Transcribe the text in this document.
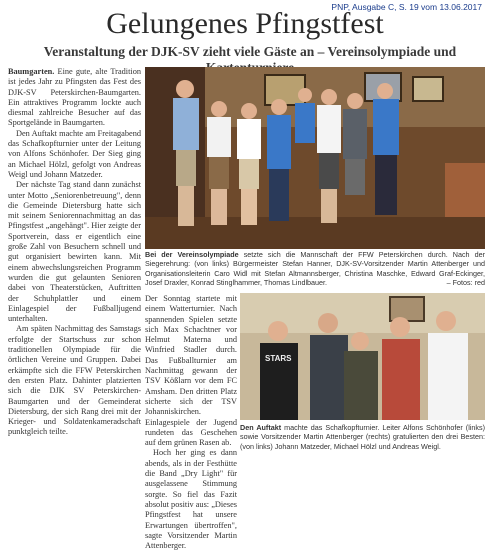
PNP, Ausgabe C, S. 19 vom 13.06.2017
Gelungenes Pfingstfest
Veranstaltung der DJK-SV zieht viele Gäste an – Vereinsolympiade und

Baumgarten. Eine gute, alte Tradition ist jedes Jahr zu Pfingsten das Fest des DJK-SV Peterskirchen-Baumgarten. Ein attraktives Programm lockte auch diesmal zahlreiche Besucher auf das Sportgelände in Baumgarten.

Den Auftakt machte am Freitagabend das Schafkopfturnier unter der Leitung von Alfons Schönhofer. Der Sieg ging an Michael Hölzl, gefolgt von Andreas Weigl und Johann Matzeder.

Der nächste Tag stand dann zunächst unter Motto „Seniorenbetreuung", denn die Gemeinde Dietersburg hatte sich mit seinem Seniorennachmittag an das Pfingstfest „angehängt". Hier zeigte der Sportverein, dass er eigentlich eine große Zahl von Besuchern schnell und gut organisiert bewirten kann. Mit einem abwechslungsreichen Programm wurden die gut gelaunten Senioren dabei von Theaterstücken, Auftritten der Schuhplattler und einem Einlagespiel der Fußballjugend unterhalten.

Am späten Nachmittag des Samstags erfolgte der Startschuss zur schon traditionellen Olympiade für die örtlichen Vereine und Gruppen. Dabei erkämpfte sich die FFW Peterskirchen den ersten Platz. Dahinter platzierten sich die DJK SV Peterskirchen-Baumgarten und der Gemeinderat Dietersburg, der sich Rang drei mit der Krieger- und Soldatenkameradschaft punktgleich teilte.

Der Sonntag startete mit einem Watterturnier. Nach spannenden Spielen setzte sich Max Schachtner vor Helmut Materna und Winfried Stadler durch. Das Fußballturnier am Nachmittag gewann der TSV Kößlarn vor dem FC Amsham. Den dritten Platz sicherte sich der TSV Johanniskirchen. Einlagespiele der Jugend rundeten das Geschehen auf dem grünen Rasen ab.

Hoch her ging es dann abends, als in der Festhütte die Band „Dry Light" für ausgelassene Stimmung sorgte. So fiel das Fazit absolut positiv aus: „Dieses Pfingstfest hat unsere Erwartungen übertroffen", sagte Vorsitzender Martin Attenberger.

STARS

Bei der Vereinsolympiade setzte sich die Mannschaft der FFW Peterskirchen durch. Nach der Siegerehrung: (von links) Bürgermeister Stefan Hanner, DJK-SV-Vorsitzender Martin Attenberger und Organisationsleiterin Caro Widl mit Stefan Altmannsberger, Christina Maschke, Edward Graf-Eckinger, Josef Draxler, Konrad Stinglhammer, Thomas Lindlbauer.	– Fotos: red

Den Auftakt machte das Schafkopfturnier. Leiter Alfons Schönhofer (links) sowie Vorsitzender Martin Attenberger (rechts) gratulierten den drei Besten: (von links) Johann Matzeder, Michael Hölzl und Andreas Weigl.
